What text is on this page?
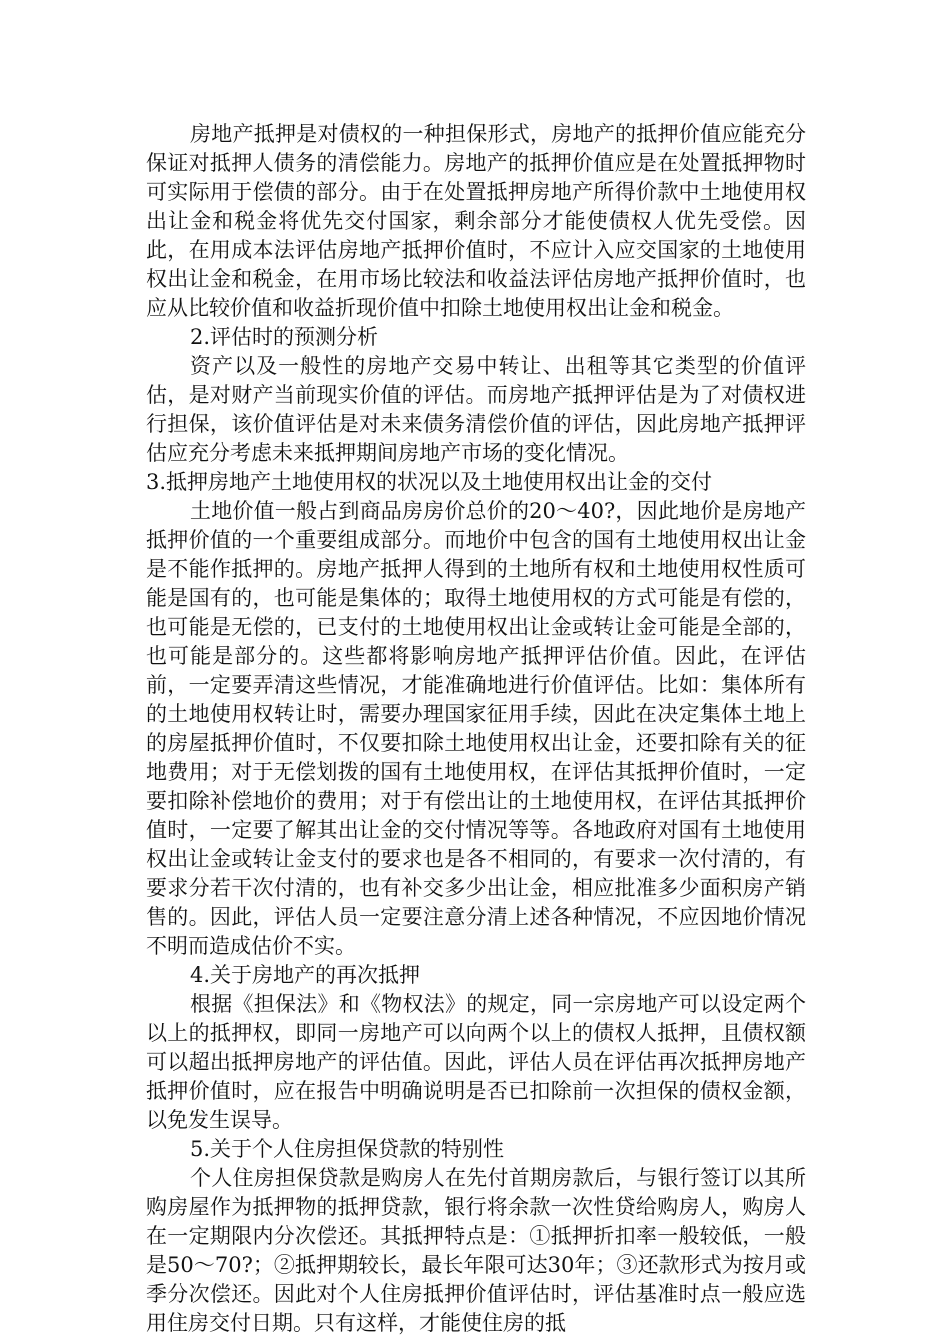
房地产抵押是对债权的一种担保形式，房地产的抵押价值应能充分保证对抵押人债务的清偿能力。房地产的抵押价值应是在处置抵押物时可实际用于偿债的部分。由于在处置抵押房地产所得价款中土地使用权出让金和税金将优先交付国家，剩余部分才能使债权人优先受偿。因此，在用成本法评估房地产抵押价值时，不应计入应交国家的土地使用权出让金和税金，在用市场比较法和收益法评估房地产抵押价值时，也应从比较价值和收益折现价值中扣除土地使用权出让金和税金。

2.评估时的预测分析

资产以及一般性的房地产交易中转让、出租等其它类型的价值评估，是对财产当前现实价值的评估。而房地产抵押评估是为了对债权进行担保，该价值评估是对未来债务清偿价值的评估，因此房地产抵押评估应充分考虑未来抵押期间房地产市场的变化情况。

3.抵押房地产土地使用权的状况以及土地使用权出让金的交付

土地价值一般占到商品房房价总价的20～40?，因此地价是房地产抵押价值的一个重要组成部分。而地价中包含的国有土地使用权出让金是不能作抵押的。房地产抵押人得到的土地所有权和土地使用权性质可能是国有的，也可能是集体的；取得土地使用权的方式可能是有偿的，也可能是无偿的，已支付的土地使用权出让金或转让金可能是全部的，也可能是部分的。这些都将影响房地产抵押评估价值。因此，在评估前，一定要弄清这些情况，才能准确地进行价值评估。比如：集体所有的土地使用权转让时，需要办理国家征用手续，因此在决定集体土地上的房屋抵押价值时，不仅要扣除土地使用权出让金，还要扣除有关的征地费用；对于无偿划拨的国有土地使用权，在评估其抵押价值时，一定要扣除补偿地价的费用；对于有偿出让的土地使用权，在评估其抵押价值时，一定要了解其出让金的交付情况等等。各地政府对国有土地使用权出让金或转让金支付的要求也是各不相同的，有要求一次付清的，有要求分若干次付清的，也有补交多少出让金，相应批准多少面积房产销售的。因此，评估人员一定要注意分清上述各种情况，不应因地价情况不明而造成估价不实。

4.关于房地产的再次抵押

根据《担保法》和《物权法》的规定，同一宗房地产可以设定两个以上的抵押权，即同一房地产可以向两个以上的债权人抵押，且债权额可以超出抵押房地产的评估值。因此，评估人员在评估再次抵押房地产抵押价值时，应在报告中明确说明是否已扣除前一次担保的债权金额，以免发生误导。

5.关于个人住房担保贷款的特别性

个人住房担保贷款是购房人在先付首期房款后，与银行签订以其所购房屋作为抵押物的抵押贷款，银行将余款一次性贷给购房人，购房人在一定期限内分次偿还。其抵押特点是：①抵押折扣率一般较低，一般是50～70?；②抵押期较长，最长年限可达30年；③还款形式为按月或季分次偿还。因此对个人住房抵押价值评估时，评估基准时点一般应选用住房交付日期。只有这样，才能使住房的抵
